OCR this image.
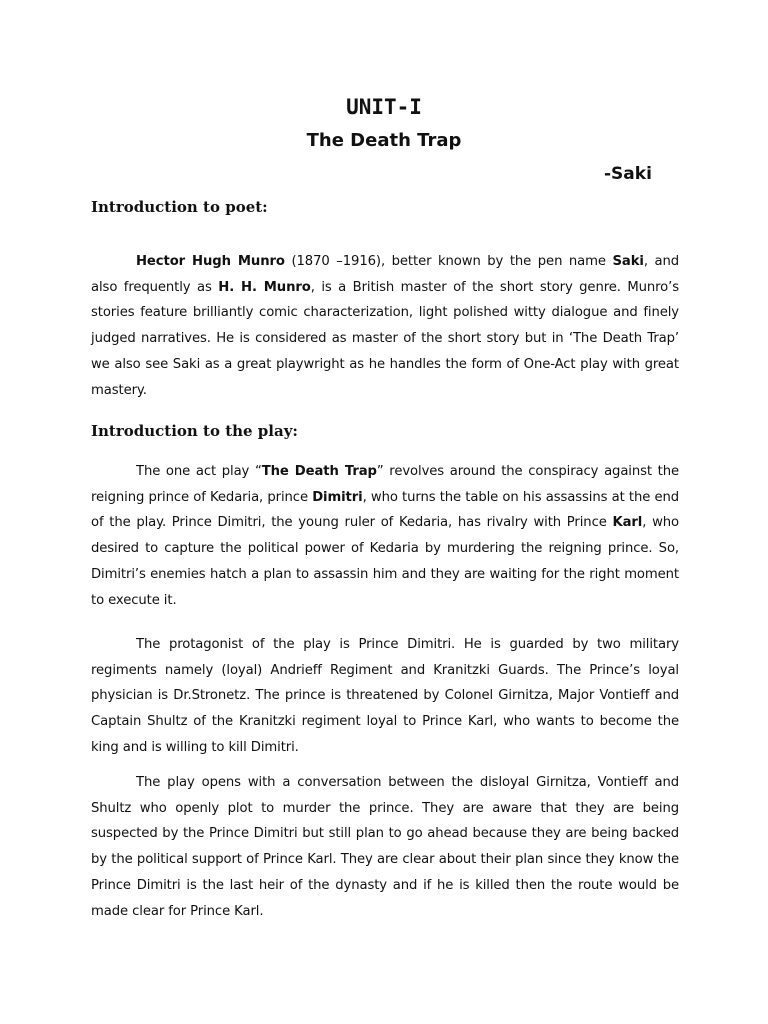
UNIT-I
The Death Trap
-Saki
Introduction to poet:

Hector Hugh Munro (1870 –1916), better known by the pen name Saki, and also frequently as H. H. Munro, is a British master of the short story genre. Munro’s stories feature brilliantly comic characterization, light polished witty dialogue and finely judged narratives. He is considered as master of the short story but in ‘The Death Trap’ we also see Saki as a great playwright as he handles the form of One-Act play with great mastery.

Introduction to the play:

The one act play “The Death Trap” revolves around the conspiracy against the reigning prince of Kedaria, prince Dimitri, who turns the table on his assassins at the end of the play. Prince Dimitri, the young ruler of Kedaria, has rivalry with Prince Karl, who desired to capture the political power of Kedaria by murdering the reigning prince. So, Dimitri’s enemies hatch a plan to assassin him and they are waiting for the right moment to execute it.

The protagonist of the play is Prince Dimitri. He is guarded by two military regiments namely (loyal) Andrieff Regiment and Kranitzki Guards. The Prince’s loyal physician is Dr.Stronetz. The prince is threatened by Colonel Girnitza, Major Vontieff and Captain Shultz of the Kranitzki regiment loyal to Prince Karl, who wants to become the king and is willing to kill Dimitri.

The play opens with a conversation between the disloyal Girnitza, Vontieff and Shultz who openly plot to murder the prince. They are aware that they are being suspected by the Prince Dimitri but still plan to go ahead because they are being backed by the political support of Prince Karl. They are clear about their plan since they know the Prince Dimitri is the last heir of the dynasty and if he is killed then the route would be made clear for Prince Karl.
